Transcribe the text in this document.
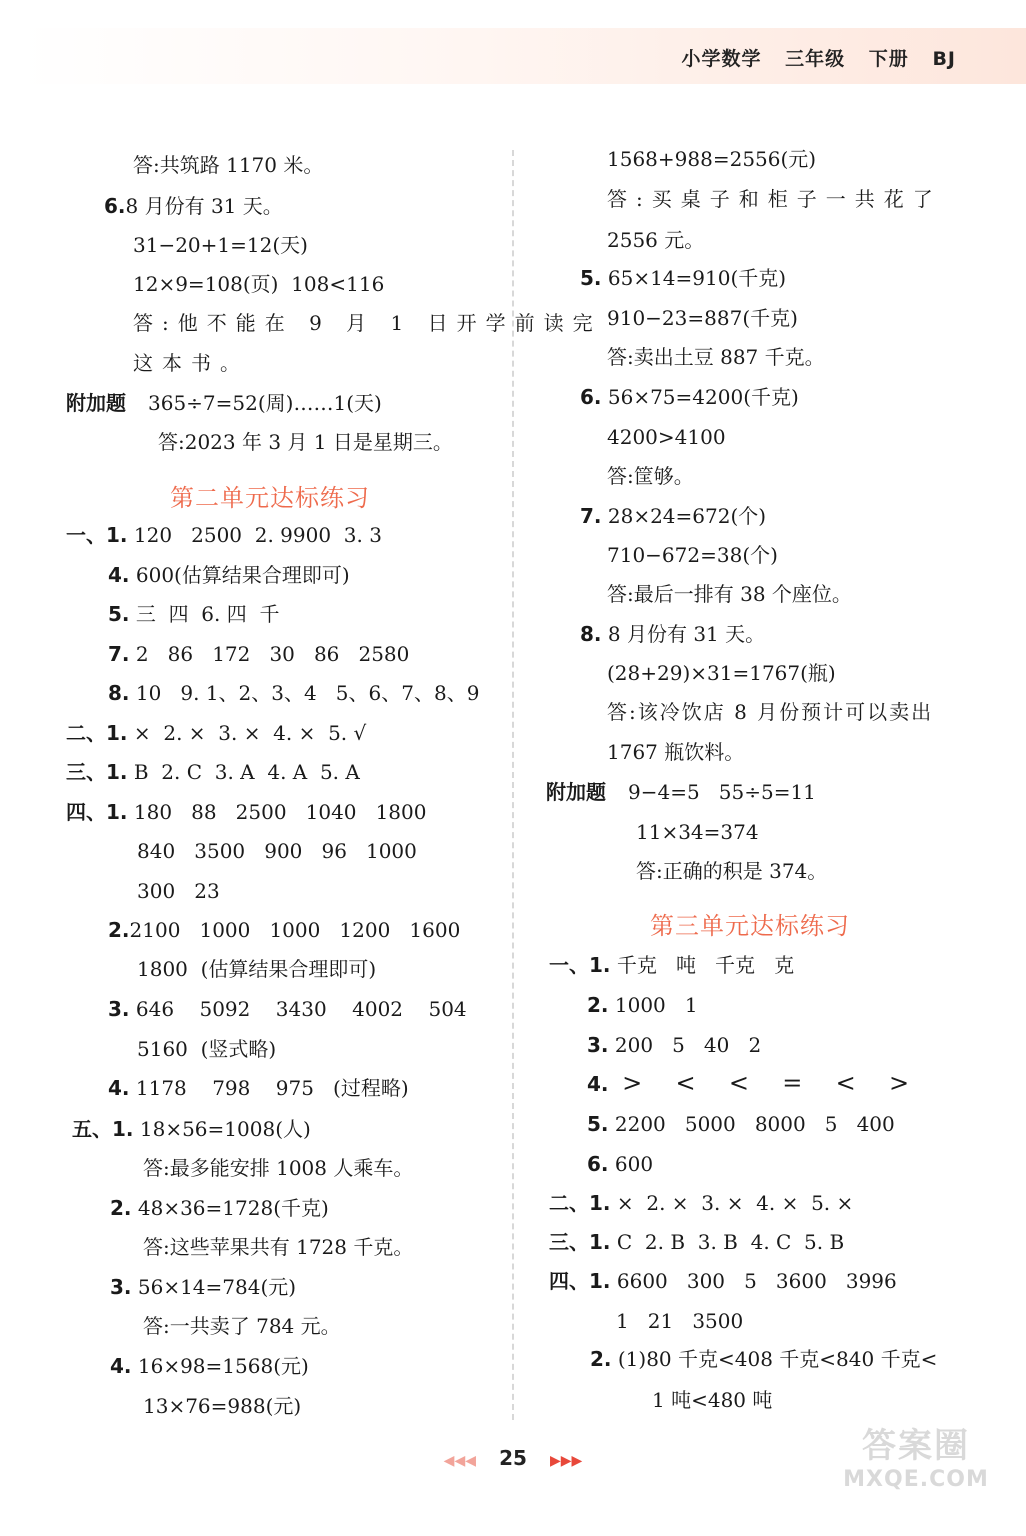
小学数学 三年级 下册 BJ
答:共筑路 1170 米。
6.8 月份有 31 天。
31−20+1=12(天)
12×9=108(页)  108<116
答:他不能在 9 月 1 日开学前读完
这本书。
附加题 365÷7=52(周)……1(天)
答:2023 年 3 月 1 日是星期三。
第二单元达标练习
一、1. 120   2500  2. 9900  3. 3
4. 600(估算结果合理即可)
5. 三  四  6. 四  千
7. 2   86   172   30   86   2580
8. 10   9. 1、2、3、4   5、6、7、8、9
二、1. ×  2. ×  3. ×  4. ×  5. √
三、1. B  2. C  3. A  4. A  5. A
四、1. 180   88   2500   1040   1800
840   3500   900   96   1000
300   23
2.2100   1000   1000   1200   1600
1800  (估算结果合理即可)
3. 646    5092    3430    4002    504
5160  (竖式略)
4. 1178    798    975   (过程略)
五、1. 18×56=1008(人)
答:最多能安排 1008 人乘车。
2. 48×36=1728(千克)
答:这些苹果共有 1728 千克。
3. 56×14=784(元)
答:一共卖了 784 元。
4. 16×98=1568(元)
13×76=988(元)
1568+988=2556(元)
答:买桌子和柜子一共花了
2556 元。
5. 65×14=910(千克)
910−23=887(千克)
答:卖出土豆 887 千克。
6. 56×75=4200(千克)
4200>4100
答:筐够。
7. 28×24=672(个)
710−672=38(个)
答:最后一排有 38 个座位。
8. 8 月份有 31 天。
(28+29)×31=1767(瓶)
答:该冷饮店 8 月份预计可以卖出
1767 瓶饮料。
附加题 9−4=5   55÷5=11
11×34=374
答:正确的积是 374。
第三单元达标练习
一、1. 千克   吨   千克   克
2. 1000   1
3. 200   5   40   2
4. >  <  <  =  <  >
5. 2200   5000   8000   5   400
6. 600
二、1. ×  2. ×  3. ×  4. ×  5. ×
三、1. C  2. B  3. B  4. C  5. B
四、1. 6600   300   5   3600   3996
1   21   3500
2. (1)80 千克<408 千克<840 千克<
1 吨<480 吨
◀◀◀ 25 ▶▶▶	答案圈
MXQE.COM
